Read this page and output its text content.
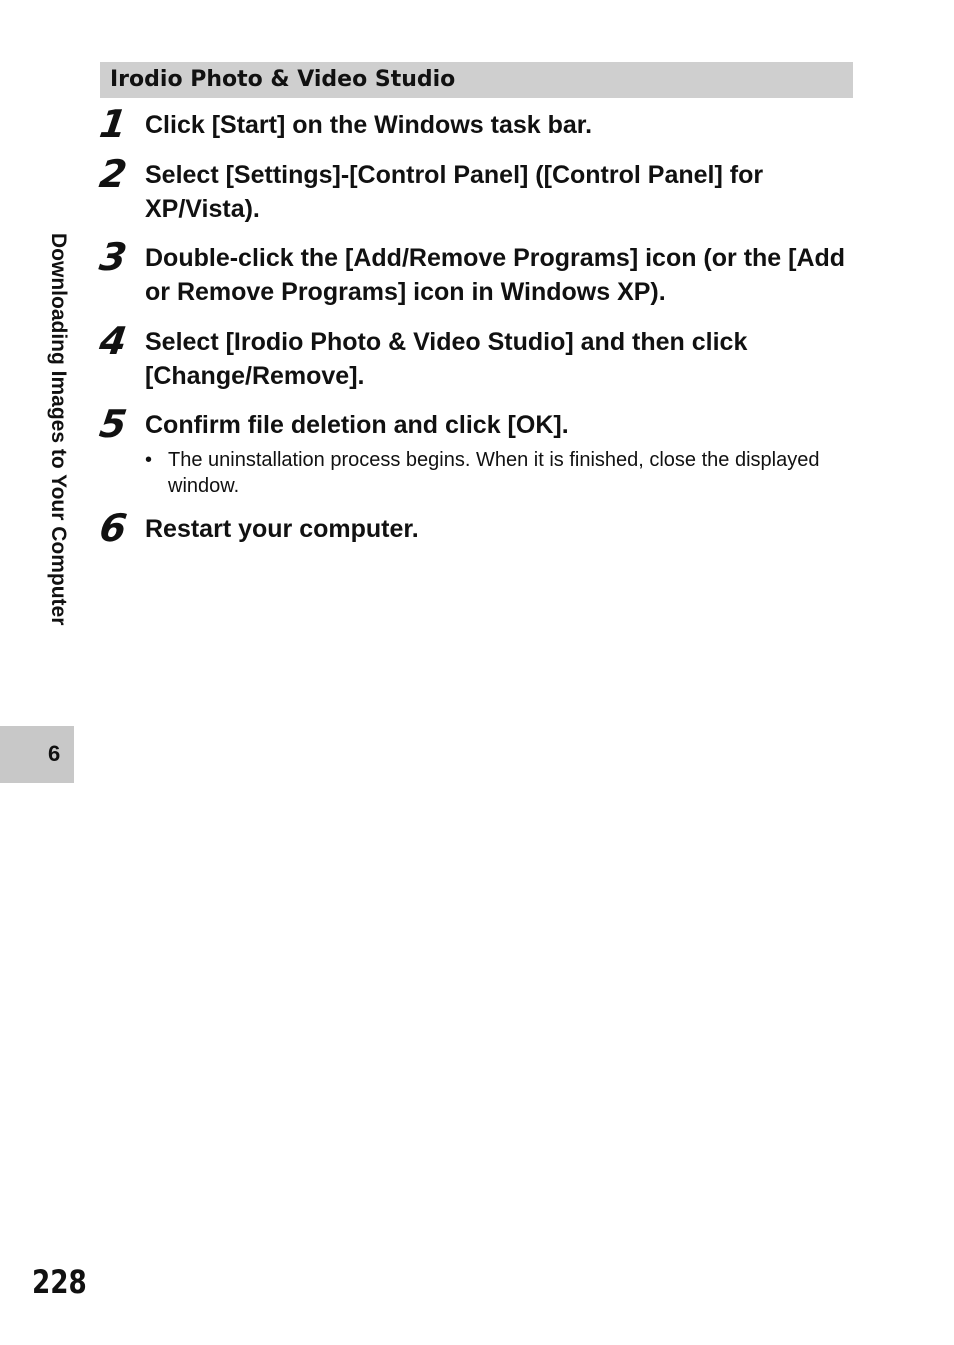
Irodio Photo & Video Studio
1 Click [Start] on the Windows task bar.
2 Select [Settings]-[Control Panel] ([Control Panel] for XP/Vista).
3 Double-click the [Add/Remove Programs] icon (or the [Add or Remove Programs] icon in Windows XP).
4 Select [Irodio Photo & Video Studio] and then click [Change/Remove].
5 Confirm file deletion and click [OK].
• The uninstallation process begins. When it is finished, close the displayed window.
6 Restart your computer.
Downloading Images to Your Computer
6
228
